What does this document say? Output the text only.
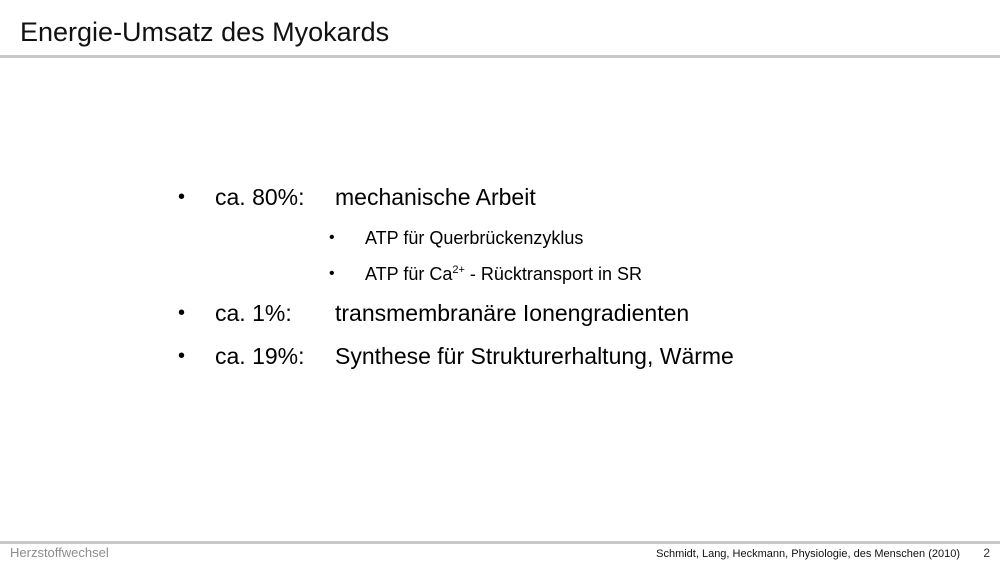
Energie-Umsatz des Myokards
• ca. 80%: mechanische Arbeit
• ATP für Querbrückenzyklus
• ATP für $Ca^{2+}$ - Rücktransport in SR
• ca. 1%: transmembranäre Ionengradienten
• ca. 19%: Synthese für Strukturerhaltung, Wärme
Herzstoffwechsel	Schmidt, Lang, Heckmann, Physiologie, des Menschen (2010) 2
